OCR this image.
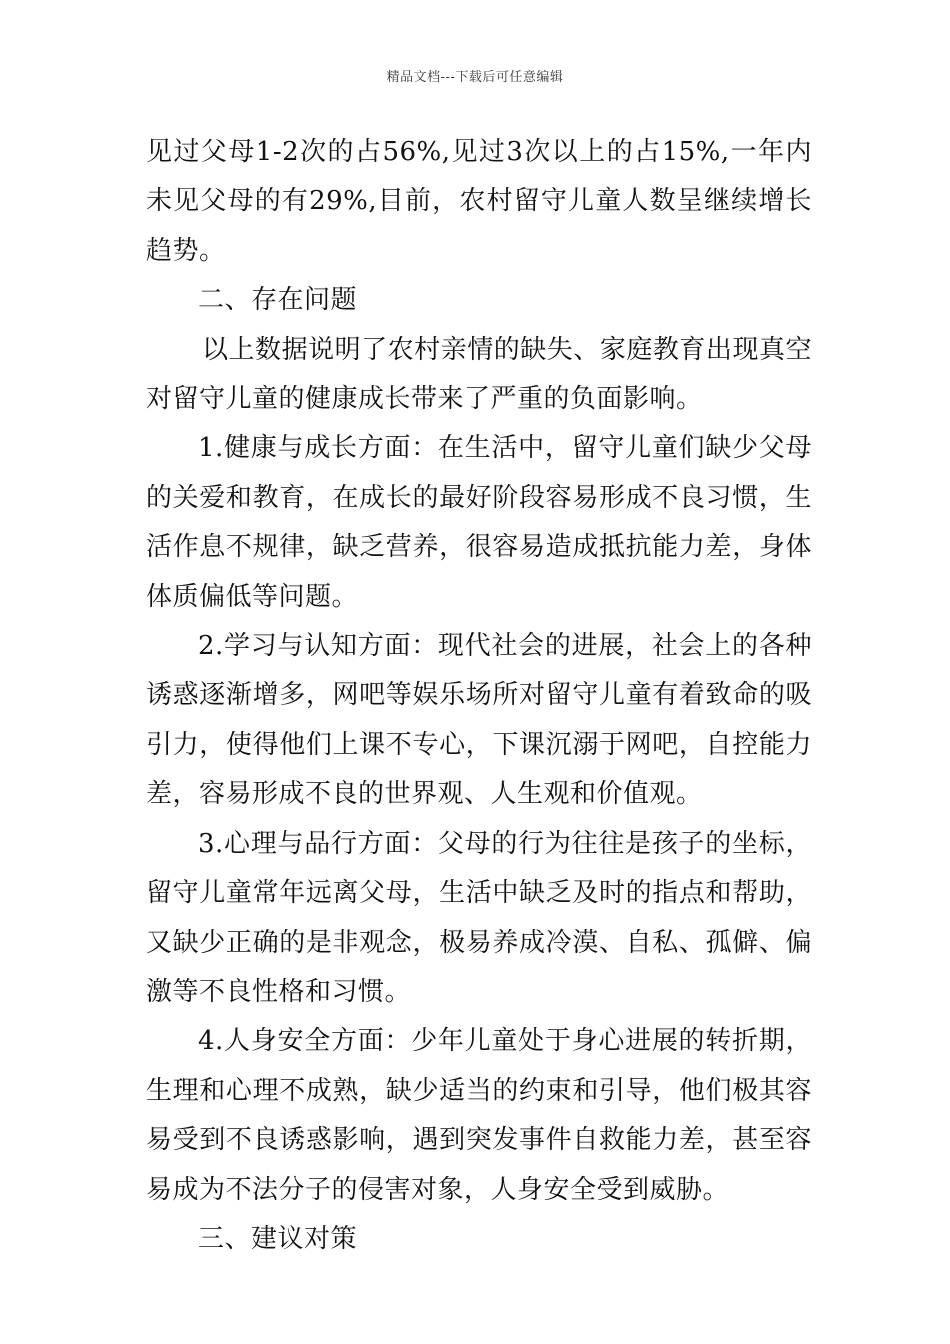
精品文档---下载后可任意编辑

见过父母1-2次的占56%,见过3次以上的占15%,一年内未见父母的有29%,目前，农村留守儿童人数呈继续增长趋势。

二、存在问题

以上数据说明了农村亲情的缺失、家庭教育出现真空对留守儿童的健康成长带来了严重的负面影响。

1.健康与成长方面：在生活中，留守儿童们缺少父母的关爱和教育，在成长的最好阶段容易形成不良习惯，生活作息不规律，缺乏营养，很容易造成抵抗能力差，身体体质偏低等问题。

2.学习与认知方面：现代社会的进展，社会上的各种诱惑逐渐增多，网吧等娱乐场所对留守儿童有着致命的吸引力，使得他们上课不专心，下课沉溺于网吧，自控能力差，容易形成不良的世界观、人生观和价值观。

3.心理与品行方面：父母的行为往往是孩子的坐标，留守儿童常年远离父母，生活中缺乏及时的指点和帮助，又缺少正确的是非观念，极易养成冷漠、自私、孤僻、偏激等不良性格和习惯。

4.人身安全方面：少年儿童处于身心进展的转折期，生理和心理不成熟，缺少适当的约束和引导，他们极其容易受到不良诱惑影响，遇到突发事件自救能力差，甚至容易成为不法分子的侵害对象，人身安全受到威胁。

三、建议对策
